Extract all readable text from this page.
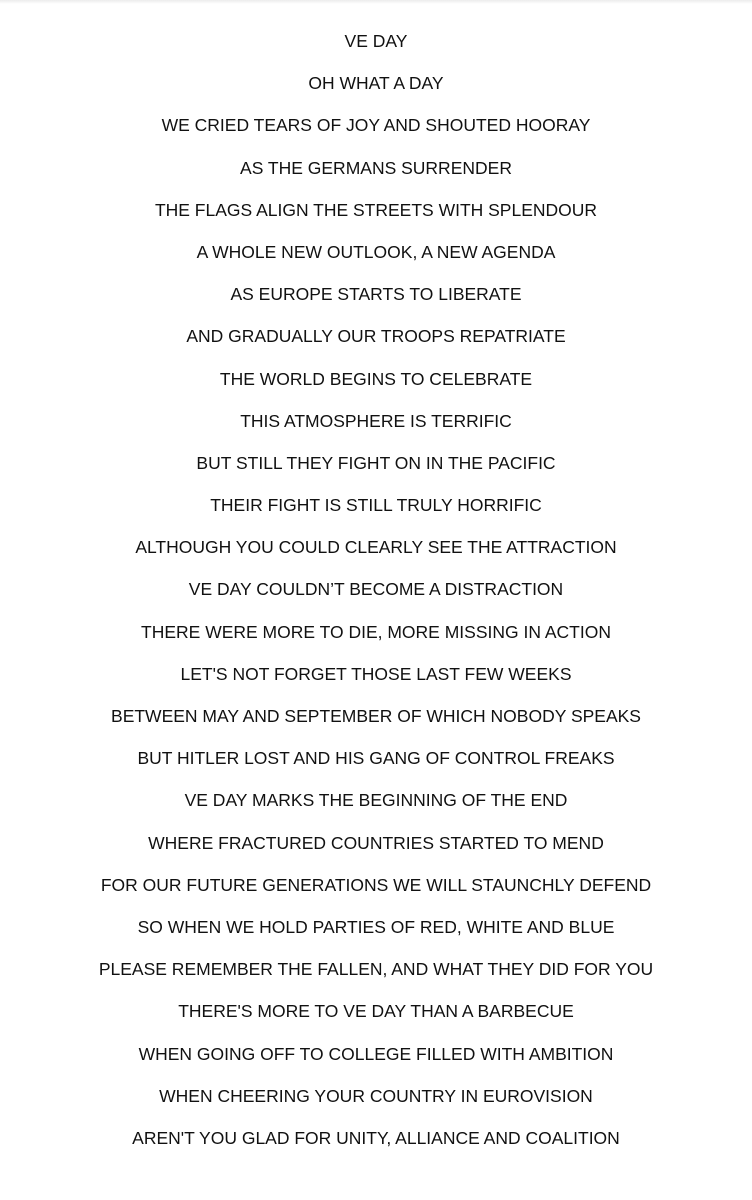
VE DAY
OH WHAT A DAY
WE CRIED TEARS OF JOY AND SHOUTED HOORAY
AS THE GERMANS SURRENDER
THE FLAGS ALIGN THE STREETS WITH SPLENDOUR
A WHOLE NEW OUTLOOK, A NEW AGENDA
AS EUROPE STARTS TO LIBERATE
AND GRADUALLY OUR TROOPS REPATRIATE
THE WORLD BEGINS TO CELEBRATE
THIS ATMOSPHERE IS TERRIFIC
BUT STILL THEY FIGHT ON IN THE PACIFIC
THEIR FIGHT IS STILL TRULY HORRIFIC
ALTHOUGH YOU COULD CLEARLY SEE THE ATTRACTION
VE DAY COULDN’T BECOME A DISTRACTION
THERE WERE MORE TO DIE, MORE MISSING IN ACTION
LET'S NOT FORGET THOSE LAST FEW WEEKS
BETWEEN MAY AND SEPTEMBER OF WHICH NOBODY SPEAKS
BUT HITLER LOST AND HIS GANG OF CONTROL FREAKS
VE DAY MARKS THE BEGINNING OF THE END
WHERE FRACTURED COUNTRIES STARTED TO MEND
FOR OUR FUTURE GENERATIONS WE WILL STAUNCHLY DEFEND
SO WHEN WE HOLD PARTIES OF RED, WHITE AND BLUE
PLEASE REMEMBER THE FALLEN, AND WHAT THEY DID FOR YOU
THERE'S MORE TO VE DAY THAN A BARBECUE
WHEN GOING OFF TO COLLEGE FILLED WITH AMBITION
WHEN CHEERING YOUR COUNTRY IN EUROVISION
AREN'T YOU GLAD FOR UNITY, ALLIANCE AND COALITION
